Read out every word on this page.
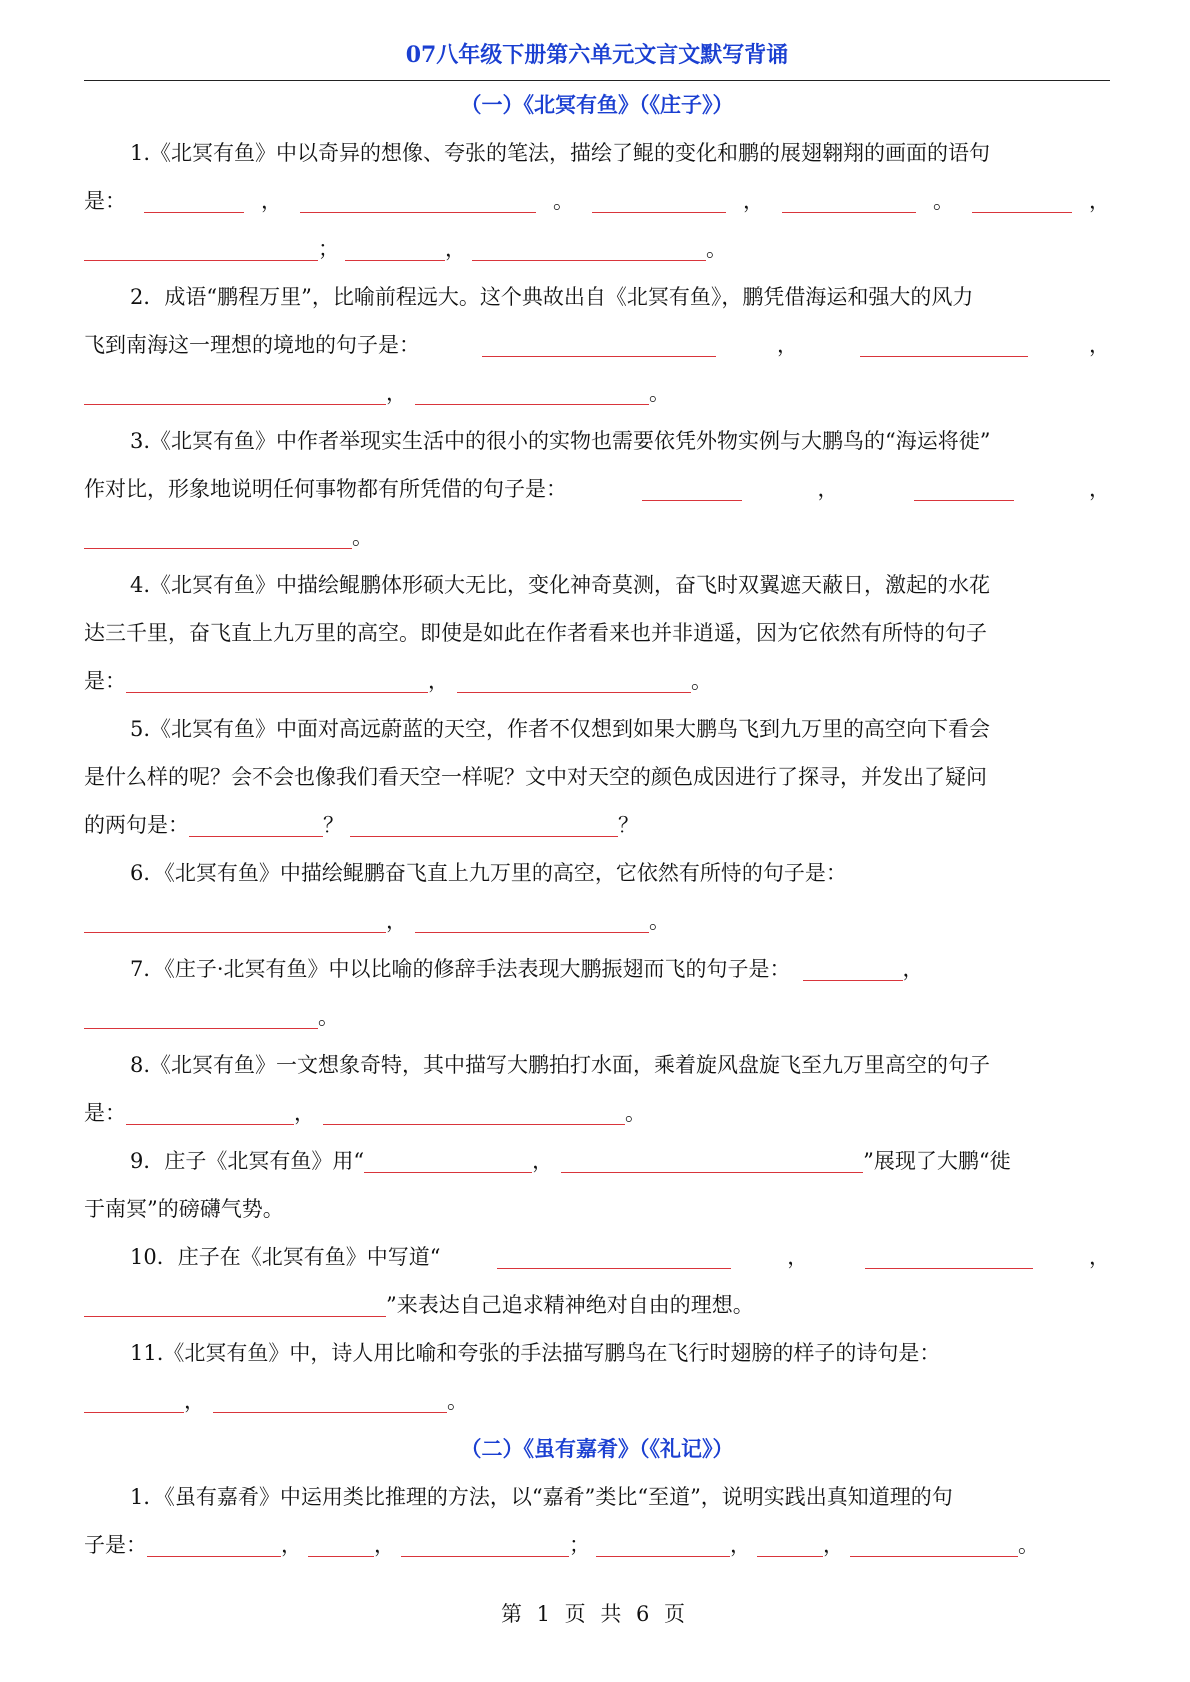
07八年级下册第六单元文言文默写背诵
（一）《北冥有鱼》（《庄子》）
1.《北冥有鱼》中以奇异的想像、夸张的笔法，描绘了鲲的变化和鹏的展翅翱翔的画面的语句
是：	，	。	，	。	，
；	，	。
2．成语“鹏程万里”，比喻前程远大。这个典故出自《北冥有鱼》，鹏凭借海运和强大的风力
飞到南海这一理想的境地的句子是：	，	，
，	。
3.《北冥有鱼》中作者举现实生活中的很小的实物也需要依凭外物实例与大鹏鸟的“海运将徙”
作对比，形象地说明任何事物都有所凭借的句子是：	，	，
。
4.《北冥有鱼》中描绘鲲鹏体形硕大无比，变化神奇莫测，奋飞时双翼遮天蔽日，激起的水花
达三千里，奋飞直上九万里的高空。即使是如此在作者看来也并非逍遥，因为它依然有所恃的句子
是：	，	。
5.《北冥有鱼》中面对高远蔚蓝的天空，作者不仅想到如果大鹏鸟飞到九万里的高空向下看会
是什么样的呢？会不会也像我们看天空一样呢？文中对天空的颜色成因进行了探寻，并发出了疑问
的两句是：	？	？
6．《北冥有鱼》中描绘鲲鹏奋飞直上九万里的高空，它依然有所恃的句子是：
，	。
7．《庄子·北冥有鱼》中以比喻的修辞手法表现大鹏振翅而飞的句子是：	，
。
8.《北冥有鱼》一文想象奇特，其中描写大鹏拍打水面，乘着旋风盘旋飞至九万里高空的句子
是：	，	。
9．庄子《北冥有鱼》用“	，	”展现了大鹏“徙
于南冥”的磅礴气势。
10．庄子在《北冥有鱼》中写道“	，	，
”来表达自己追求精神绝对自由的理想。
11.《北冥有鱼》中，诗人用比喻和夸张的手法描写鹏鸟在飞行时翅膀的样子的诗句是：
，	。
（二）《虽有嘉肴》（《礼记》）
1．《虽有嘉肴》中运用类比推理的方法，以“嘉肴”类比“至道”，说明实践出真知道理的句
子是：	，	，	；	，	，	。
第 1 页 共 6 页
